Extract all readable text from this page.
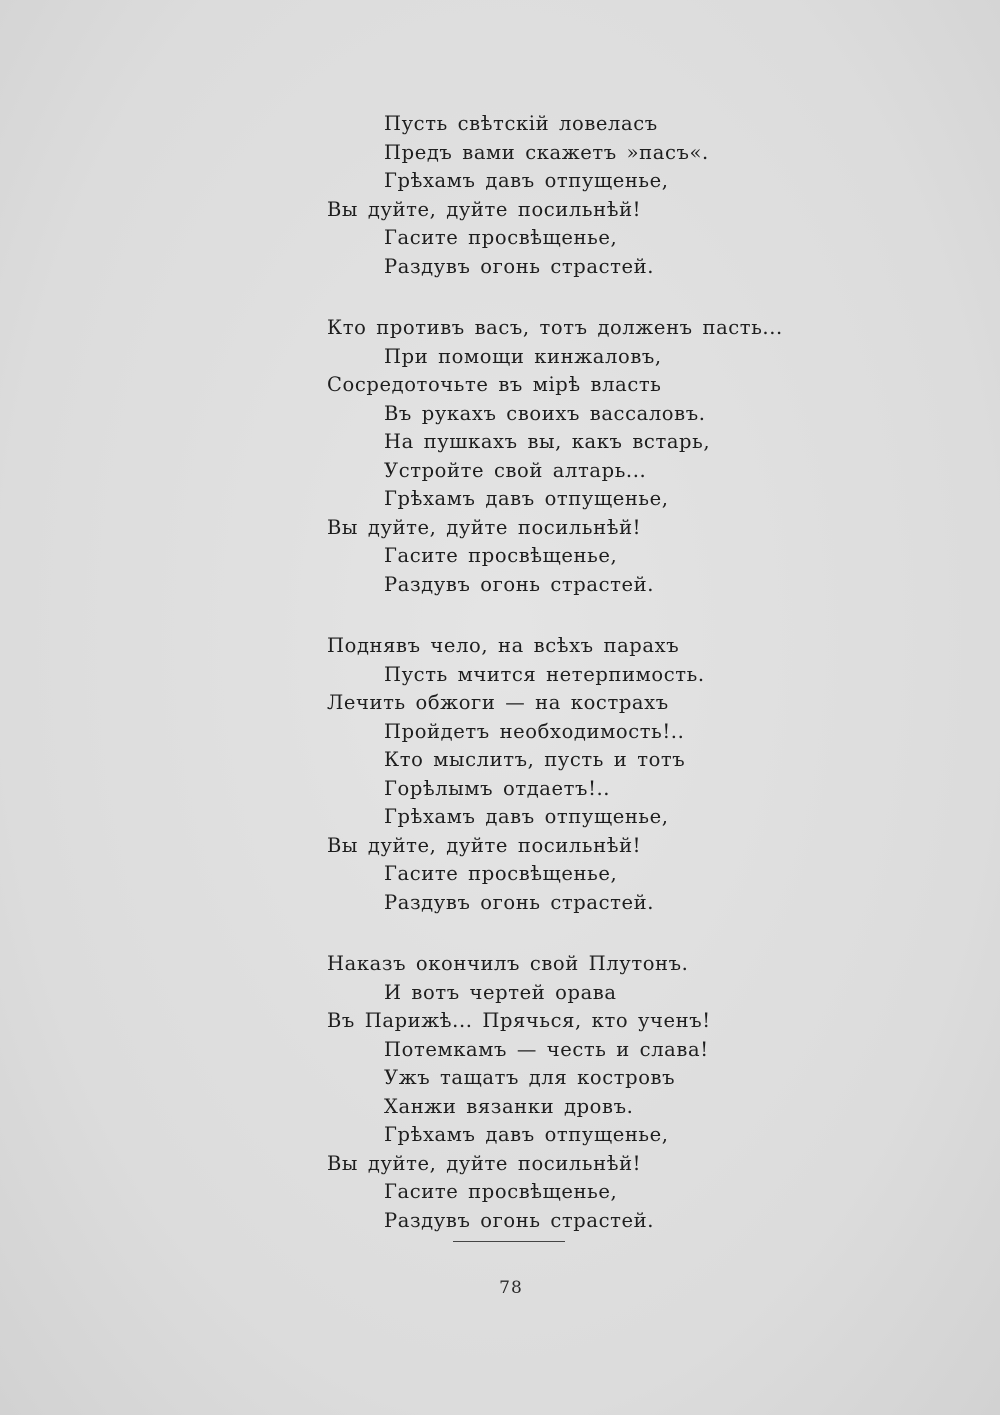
Пусть свѣтскій ловеласъ
Предъ вами скажетъ »пасъ«.
Грѣхамъ давъ отпущенье,
Вы дуйте, дуйте посильнѣй!
Гасите просвѣщенье,
Раздувъ огонь страстей.
Кто противъ васъ, тотъ долженъ пасть...
При помощи кинжаловъ,
Сосредоточьте въ мірѣ власть
Въ рукахъ своихъ вассаловъ.
На пушкахъ вы, какъ встарь,
Устройте свой алтарь...
Грѣхамъ давъ отпущенье,
Вы дуйте, дуйте посильнѣй!
Гасите просвѣщенье,
Раздувъ огонь страстей.
Поднявъ чело, на всѣхъ парахъ
Пусть мчится нетерпимость.
Лечить обжоги — на кострахъ
Пройдетъ необходимость!..
Кто мыслитъ, пусть и тотъ
Горѣлымъ отдаетъ!..
Грѣхамъ давъ отпущенье,
Вы дуйте, дуйте посильнѣй!
Гасите просвѣщенье,
Раздувъ огонь страстей.
Наказъ окончилъ свой Плутонъ.
И вотъ чертей орава
Въ Парижѣ... Прячься, кто ученъ!
Потемкамъ — честь и слава!
Ужъ тащатъ для костровъ
Ханжи вязанки дровъ.
Грѣхамъ давъ отпущенье,
Вы дуйте, дуйте посильнѣй!
Гасите просвѣщенье,
Раздувъ огонь страстей.
78
